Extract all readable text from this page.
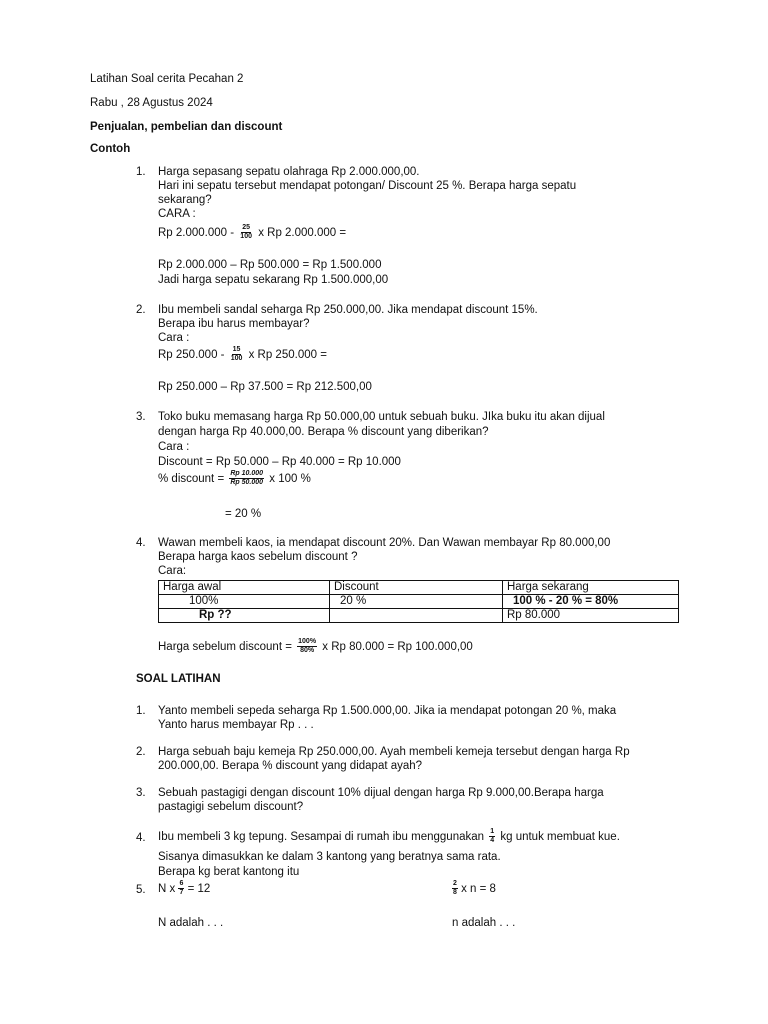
Latihan Soal cerita Pecahan 2
Rabu , 28 Agustus 2024
Penjualan, pembelian dan discount
Contoh
1. Harga sepasang sepatu olahraga Rp 2.000.000,00.
Hari ini sepatu tersebut mendapat potongan/ Discount 25 %. Berapa harga sepatu
sekarang?
CARA :
Rp $2.000.000 - \frac{25}{100}$ x Rp 2.000.000 =
Rp 2.000.000 – Rp 500.000 = Rp 1.500.000
Jadi harga sepatu sekarang Rp 1.500.000,00
2. Ibu membeli sandal seharga Rp 250.000,00. Jika mendapat discount 15%.
Berapa ibu harus membayar?
Cara :
Rp $250.000 - \frac{15}{100}$ x Rp 250.000 =
Rp 250.000 – Rp 37.500 = Rp 212.500,00
3. Toko buku memasang harga Rp 50.000,00 untuk sebuah buku. JIka buku itu akan dijual
dengan harga Rp 40.000,00. Berapa % discount yang diberikan?
Cara :
Discount = Rp 50.000 – Rp 40.000 = Rp 10.000
% discount = $\frac{Rp 10.000}{Rp 50.000}$ x 100 %
= 20 %
4. Wawan membeli kaos, ia mendapat discount 20%. Dan Wawan membayar Rp 80.000,00
Berapa harga kaos sebelum discount ?
Cara:
Harga awal	Discount	Harga sekarang
100%	20 %	100 % - 20 % = 80%
Rp ??		Rp 80.000
Harga sebelum discount = $\frac{100\%}{80\%}$ x Rp 80.000 = Rp 100.000,00
SOAL LATIHAN
1. Yanto membeli sepeda seharga Rp 1.500.000,00. Jika ia mendapat potongan 20 %, maka
Yanto harus membayar Rp . . .
2. Harga sebuah baju kemeja Rp 250.000,00. Ayah membeli kemeja tersebut dengan harga Rp
200.000,00. Berapa % discount yang didapat ayah?
3. Sebuah pastagigi dengan discount 10% dijual dengan harga Rp 9.000,00.Berapa harga
pastagigi sebelum discount?
4. Ibu membeli 3 kg tepung. Sesampai di rumah ibu menggunakan $\frac{1}{4}$ kg untuk membuat kue.
Sisanya dimasukkan ke dalam 3 kantong yang beratnya sama rata.
Berapa kg berat kantong itu
5. N x $\frac{6}{7} = 12$	$\frac{2}{8}$ x n = 8
N adalah . . .	n adalah . . .
